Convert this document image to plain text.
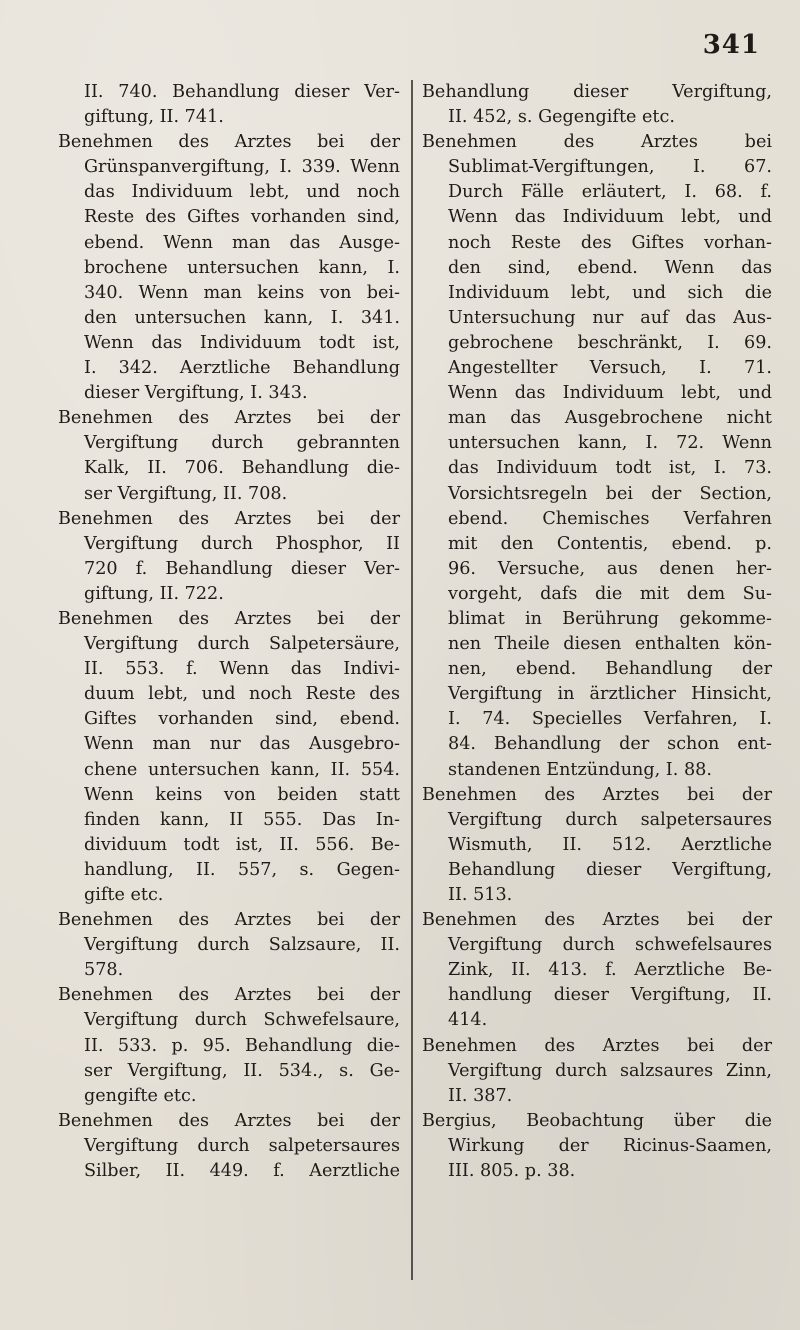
341
II. 740. Behandlung dieser Ver-
giftung, II. 741.
Benehmen des Arztes bei der
Grünspanvergiftung, I. 339. Wenn
das Individuum lebt, und noch
Reste des Giftes vorhanden sind,
ebend. Wenn man das Ausge-
brochene untersuchen kann, I.
340. Wenn man keins von bei-
den untersuchen kann, I. 341.
Wenn das Individuum todt ist,
I. 342. Aerztliche Behandlung
dieser Vergiftung, I. 343.
Benehmen des Arztes bei der
Vergiftung durch gebrannten
Kalk, II. 706. Behandlung die-
ser Vergiftung, II. 708.
Benehmen des Arztes bei der
Vergiftung durch Phosphor, II
720 f. Behandlung dieser Ver-
giftung, II. 722.
Benehmen des Arztes bei der
Vergiftung durch Salpetersäure,
II. 553. f. Wenn das Indivi-
duum lebt, und noch Reste des
Giftes vorhanden sind, ebend.
Wenn man nur das Ausgebro-
chene untersuchen kann, II. 554.
Wenn keins von beiden statt
finden kann, II 555. Das In-
dividuum todt ist, II. 556. Be-
handlung, II. 557, s. Gegen-
gifte etc.
Benehmen des Arztes bei der
Vergiftung durch Salzsaure, II.
578.
Benehmen des Arztes bei der
Vergiftung durch Schwefelsaure,
II. 533. p. 95. Behandlung die-
ser Vergiftung, II. 534., s. Ge-
gengifte etc.
Benehmen des Arztes bei der
Vergiftung durch salpetersaures
Silber, II. 449. f. Aerztliche
Behandlung dieser Vergiftung,
II. 452, s. Gegengifte etc.
Benehmen des Arztes bei
Sublimat-Vergiftungen, I. 67.
Durch Fälle erläutert, I. 68. f.
Wenn das Individuum lebt, und
noch Reste des Giftes vorhan-
den sind, ebend. Wenn das
Individuum lebt, und sich die
Untersuchung nur auf das Aus-
gebrochene beschränkt, I. 69.
Angestellter Versuch, I. 71.
Wenn das Individuum lebt, und
man das Ausgebrochene nicht
untersuchen kann, I. 72. Wenn
das Individuum todt ist, I. 73.
Vorsichtsregeln bei der Section,
ebend. Chemisches Verfahren
mit den Contentis, ebend. p.
96. Versuche, aus denen her-
vorgeht, dafs die mit dem Su-
blimat in Berührung gekomme-
nen Theile diesen enthalten kön-
nen, ebend. Behandlung der
Vergiftung in ärztlicher Hinsicht,
I. 74. Specielles Verfahren, I.
84. Behandlung der schon ent-
standenen Entzündung, I. 88.
Benehmen des Arztes bei der
Vergiftung durch salpetersaures
Wismuth, II. 512. Aerztliche
Behandlung dieser Vergiftung,
II. 513.
Benehmen des Arztes bei der
Vergiftung durch schwefelsaures
Zink, II. 413. f. Aerztliche Be-
handlung dieser Vergiftung, II.
414.
Benehmen des Arztes bei der
Vergiftung durch salzsaures Zinn,
II. 387.
Bergius, Beobachtung über die
Wirkung der Ricinus-Saamen,
III. 805. p. 38.
